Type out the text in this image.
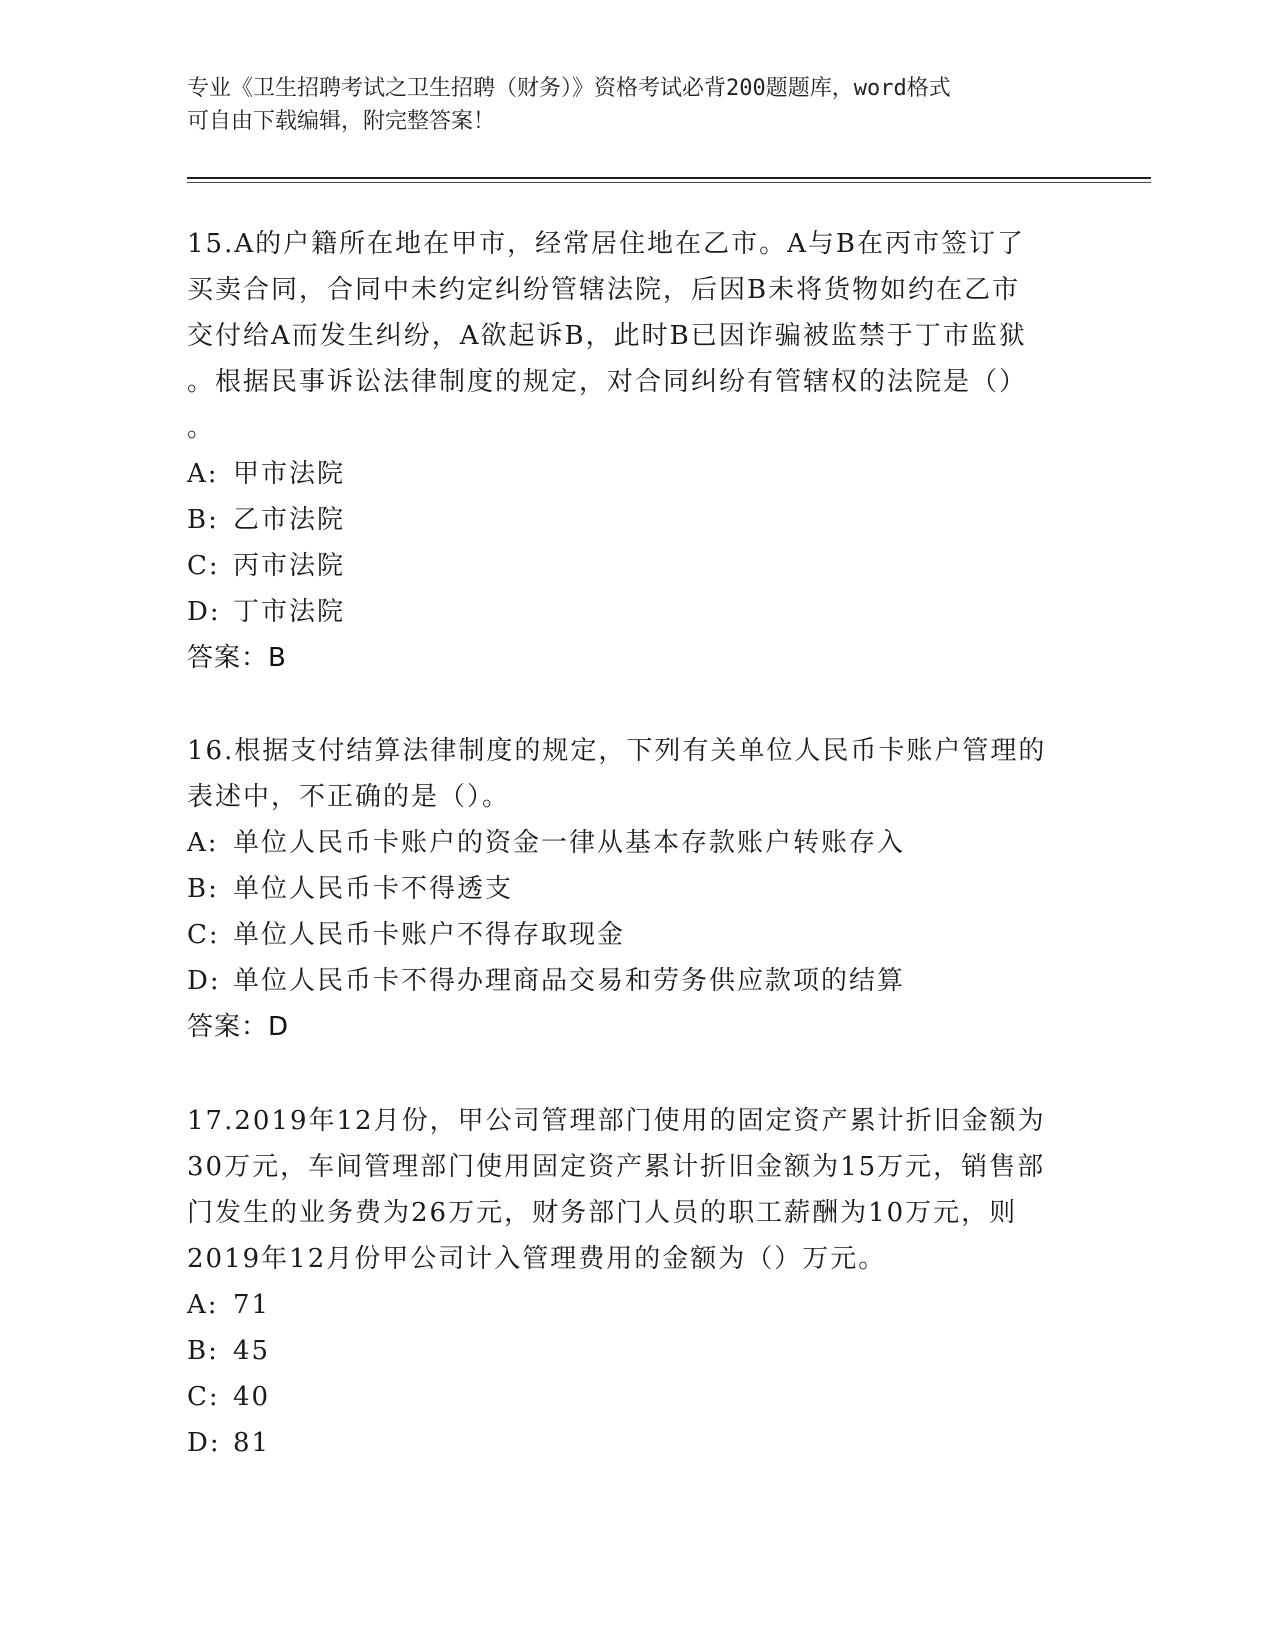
专业《卫生招聘考试之卫生招聘（财务）》资格考试必背200题题库，word格式
可自由下载编辑，附完整答案！
15.A的户籍所在地在甲市，经常居住地在乙市。A与B在丙市签订了
买卖合同，合同中未约定纠纷管辖法院，后因B未将货物如约在乙市
交付给A而发生纠纷，A欲起诉B，此时B已因诈骗被监禁于丁市监狱
。根据民事诉讼法律制度的规定，对合同纠纷有管辖权的法院是（）
。
A: 甲市法院
B: 乙市法院
C: 丙市法院
D: 丁市法院
答案：B
16.根据支付结算法律制度的规定，下列有关单位人民币卡账户管理的
表述中，不正确的是（）。
A: 单位人民币卡账户的资金一律从基本存款账户转账存入
B: 单位人民币卡不得透支
C: 单位人民币卡账户不得存取现金
D: 单位人民币卡不得办理商品交易和劳务供应款项的结算
答案：D
17.2019年12月份，甲公司管理部门使用的固定资产累计折旧金额为
30万元，车间管理部门使用固定资产累计折旧金额为15万元，销售部
门发生的业务费为26万元，财务部门人员的职工薪酬为10万元，则
2019年12月份甲公司计入管理费用的金额为（）万元。
A: 71
B: 45
C: 40
D: 81
